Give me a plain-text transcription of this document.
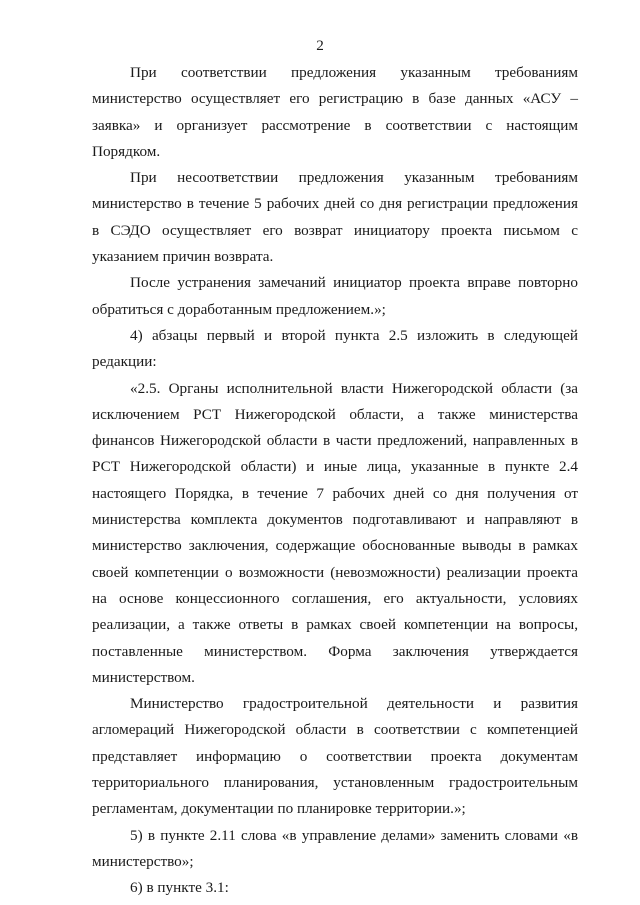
2

При соответствии предложения указанным требованиям министерство осуществляет его регистрацию в базе данных «АСУ – заявка» и организует рассмотрение в соответствии с настоящим Порядком.

При несоответствии предложения указанным требованиям министерство в течение 5 рабочих дней со дня регистрации предложения в СЭДО осуществляет его возврат инициатору проекта письмом с указанием причин возврата.

После устранения замечаний инициатор проекта вправе повторно обратиться с доработанным предложением.»;

4) абзацы первый и второй пункта 2.5 изложить в следующей редакции:

«2.5. Органы исполнительной власти Нижегородской области (за исключением РСТ Нижегородской области, а также министерства финансов Нижегородской области в части предложений, направленных в РСТ Нижегородской области) и иные лица, указанные в пункте 2.4 настоящего Порядка, в течение 7 рабочих дней со дня получения от министерства комплекта документов подготавливают и направляют в министерство заключения, содержащие обоснованные выводы в рамках своей компетенции о возможности (невозможности) реализации проекта на основе концессионного соглашения, его актуальности, условиях реализации, а также ответы в рамках своей компетенции на вопросы, поставленные министерством. Форма заключения утверждается министерством.

Министерство градостроительной деятельности и развития агломераций Нижегородской области в соответствии с компетенцией представляет информацию о соответствии проекта документам территориального планирования, установленным градостроительным регламентам, документации по планировке территории.»;

5) в пункте 2.11 слова «в управление делами» заменить словами «в министерство»;

6) в пункте 3.1:
